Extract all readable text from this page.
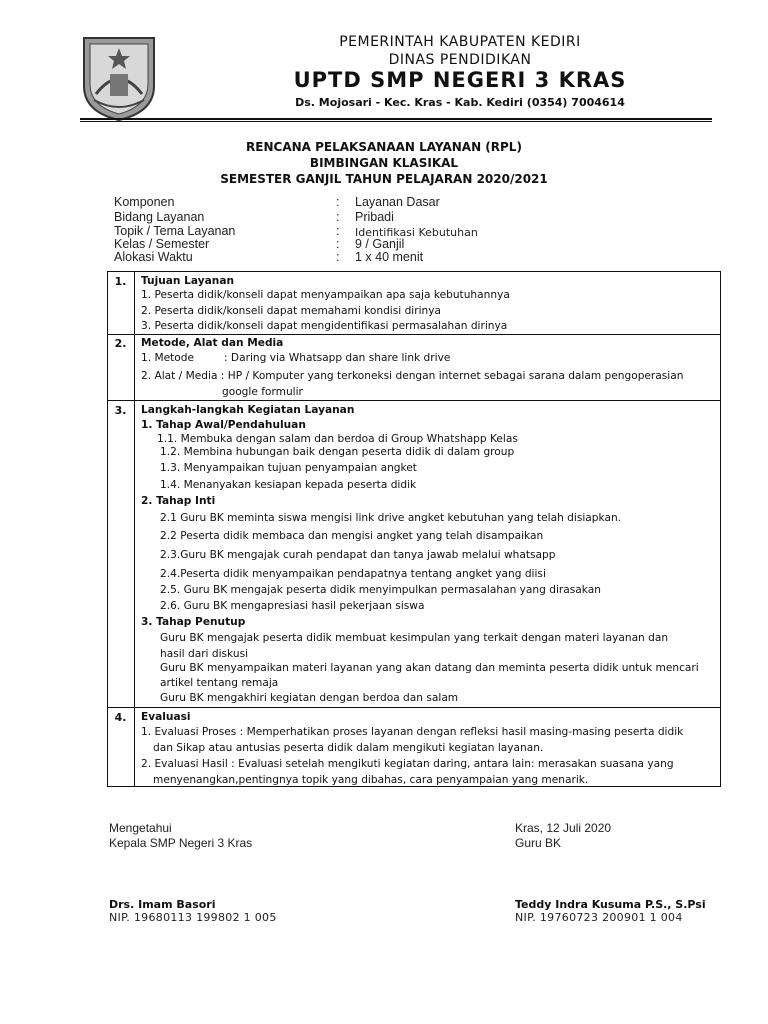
PEMERINTAH KABUPATEN KEDIRI
DINAS PENDIDIKAN
UPTD SMP NEGERI 3 KRAS
Ds. Mojosari - Kec. Kras - Kab. Kediri (0354) 7004614
RENCANA PELAKSANAAN LAYANAN (RPL)
BIMBINGAN KLASIKAL
SEMESTER GANJIL TAHUN PELAJARAN 2020/2021
Komponen	: Layanan Dasar
Bidang Layanan	: Pribadi
Topik / Tema Layanan	: Identifikasi Kebutuhan
Kelas / Semester	: 9 / Ganjil
Alokasi Waktu	: 1 x 40 menit
1.	Tujuan Layanan
1. Peserta didik/konseli dapat menyampaikan apa saja kebutuhannya
2. Peserta didik/konseli dapat memahami kondisi dirinya
3. Peserta didik/konseli dapat mengidentifikasi permasalahan dirinya
2.	Metode, Alat dan Media
1. Metode	: Daring via Whatsapp dan share link drive
2. Alat / Media : HP / Komputer yang terkoneksi dengan internet sebagai sarana dalam pengoperasian
google formulir
3.	Langkah-langkah Kegiatan Layanan
1. Tahap Awal/Pendahuluan
1.1. Membuka dengan salam dan berdoa di Group Whatshapp Kelas
1.2. Membina hubungan baik dengan peserta didik di dalam group
1.3. Menyampaikan tujuan penyampaian angket
1.4. Menanyakan kesiapan kepada peserta didik
2. Tahap Inti
2.1 Guru BK meminta siswa mengisi link drive angket kebutuhan yang telah disiapkan.
2.2 Peserta didik membaca dan mengisi angket yang telah disampaikan
2.3.Guru BK mengajak curah pendapat dan tanya jawab melalui whatsapp
2.4.Peserta didik menyampaikan pendapatnya tentang angket yang diisi
2.5. Guru BK mengajak peserta didik menyimpulkan permasalahan yang dirasakan
2.6. Guru BK mengapresiasi hasil pekerjaan siswa
3. Tahap Penutup
Guru BK mengajak peserta didik membuat kesimpulan yang terkait dengan materi layanan dan
hasil dari diskusi
Guru BK menyampaikan materi layanan yang akan datang dan meminta peserta didik untuk mencari
artikel tentang remaja
Guru BK mengakhiri kegiatan dengan berdoa dan salam
4.	Evaluasi
1. Evaluasi Proses : Memperhatikan proses layanan dengan refleksi hasil masing-masing peserta didik
dan Sikap atau antusias peserta didik dalam mengikuti kegiatan layanan.
2. Evaluasi Hasil : Evaluasi setelah mengikuti kegiatan daring, antara lain: merasakan suasana yang
menyenangkan,pentingnya topik yang dibahas, cara penyampaian yang menarik.
Mengetahui
Kepala SMP Negeri 3 Kras
Drs. Imam Basori
NIP. 19680113 199802 1 005
Kras, 12 Juli 2020
Guru BK
Teddy Indra Kusuma P.S., S.Psi
NIP. 19760723 200901 1 004
